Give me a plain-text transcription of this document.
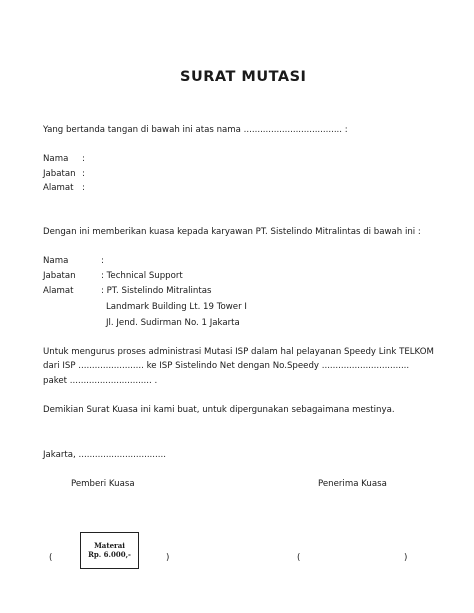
SURAT MUTASI
Yang bertanda tangan di bawah ini atas nama .................................... :
Nama :
Jabatan :
Alamat :
Dengan ini memberikan kuasa kepada karyawan PT. Sistelindo Mitralintas di bawah ini :
Nama	:
Jabatan	: Technical Support
Alamat	: PT. Sistelindo Mitralintas
Landmark Building Lt. 19 Tower I
Jl. Jend. Sudirman No. 1 Jakarta
Untuk mengurus proses administrasi Mutasi ISP dalam hal pelayanan Speedy Link TELKOM
dari ISP ........................ ke ISP Sistelindo Net dengan No.Speedy ................................
paket .............................. .
Demikian Surat Kuasa ini kami buat, untuk dipergunakan sebagaimana mestinya.
Jakarta, ................................
Pemberi Kuasa	Penerima Kuasa
Materai
Rp. 6.000,-
(	)	(	)
